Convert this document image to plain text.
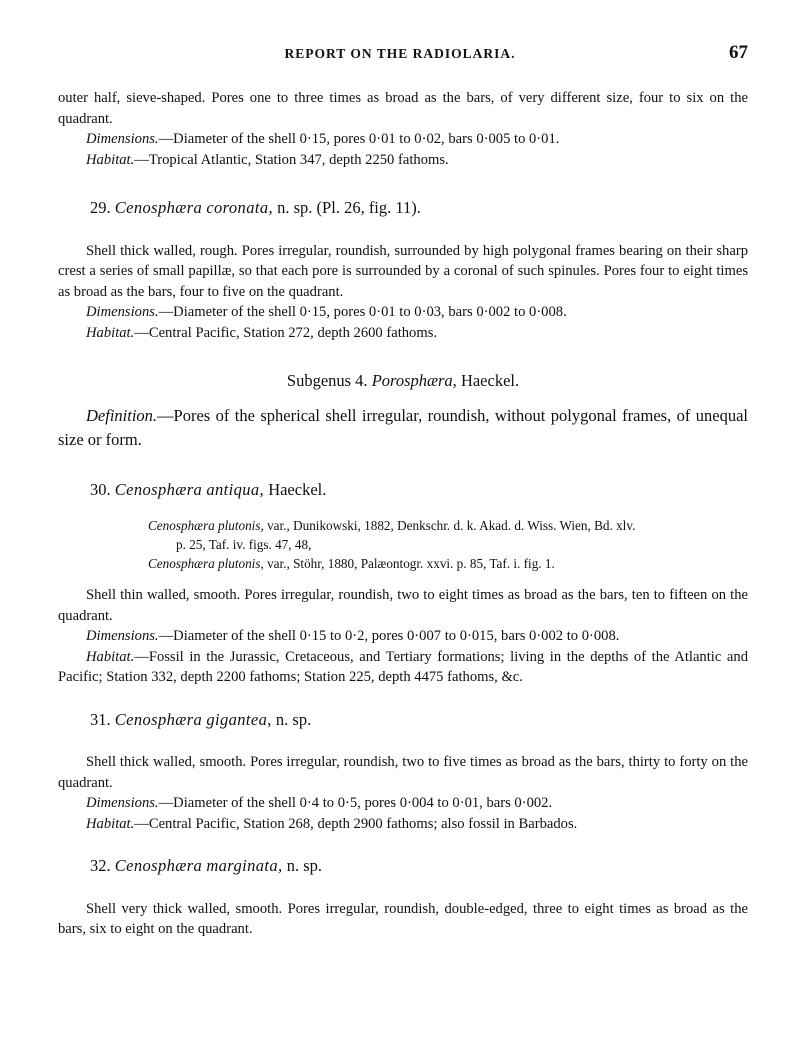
REPORT ON THE RADIOLARIA.	67

outer half, sieve-shaped. Pores one to three times as broad as the bars, of very different size, four to six on the quadrant.

Dimensions.—Diameter of the shell 0·15, pores 0·01 to 0·02, bars 0·005 to 0·01.

Habitat.—Tropical Atlantic, Station 347, depth 2250 fathoms.

29. Cenosphæra coronata, n. sp. (Pl. 26, fig. 11).

Shell thick walled, rough. Pores irregular, roundish, surrounded by high polygonal frames bearing on their sharp crest a series of small papillæ, so that each pore is surrounded by a coronal of such spinules. Pores four to eight times as broad as the bars, four to five on the quadrant.

Dimensions.—Diameter of the shell 0·15, pores 0·01 to 0·03, bars 0·002 to 0·008.

Habitat.—Central Pacific, Station 272, depth 2600 fathoms.

Subgenus 4. Porosphæra, Haeckel.

Definition.—Pores of the spherical shell irregular, roundish, without polygonal frames, of unequal size or form.

30. Cenosphæra antiqua, Haeckel.
Cenosphæra plutonis, var., Dunikowski, 1882, Denkschr. d. k. Akad. d. Wiss. Wien, Bd. xlv.
p. 25, Taf. iv. figs. 47, 48,
Cenosphæra plutonis, var., Stöhr, 1880, Palæontogr. xxvi. p. 85, Taf. i. fig. 1.

Shell thin walled, smooth. Pores irregular, roundish, two to eight times as broad as the bars, ten to fifteen on the quadrant.

Dimensions.—Diameter of the shell 0·15 to 0·2, pores 0·007 to 0·015, bars 0·002 to 0·008.

Habitat.—Fossil in the Jurassic, Cretaceous, and Tertiary formations; living in the depths of the Atlantic and Pacific; Station 332, depth 2200 fathoms; Station 225, depth 4475 fathoms, &c.

31. Cenosphæra gigantea, n. sp.

Shell thick walled, smooth. Pores irregular, roundish, two to five times as broad as the bars, thirty to forty on the quadrant.

Dimensions.—Diameter of the shell 0·4 to 0·5, pores 0·004 to 0·01, bars 0·002.

Habitat.—Central Pacific, Station 268, depth 2900 fathoms; also fossil in Barbados.

32. Cenosphæra marginata, n. sp.

Shell very thick walled, smooth. Pores irregular, roundish, double-edged, three to eight times as broad as the bars, six to eight on the quadrant.
